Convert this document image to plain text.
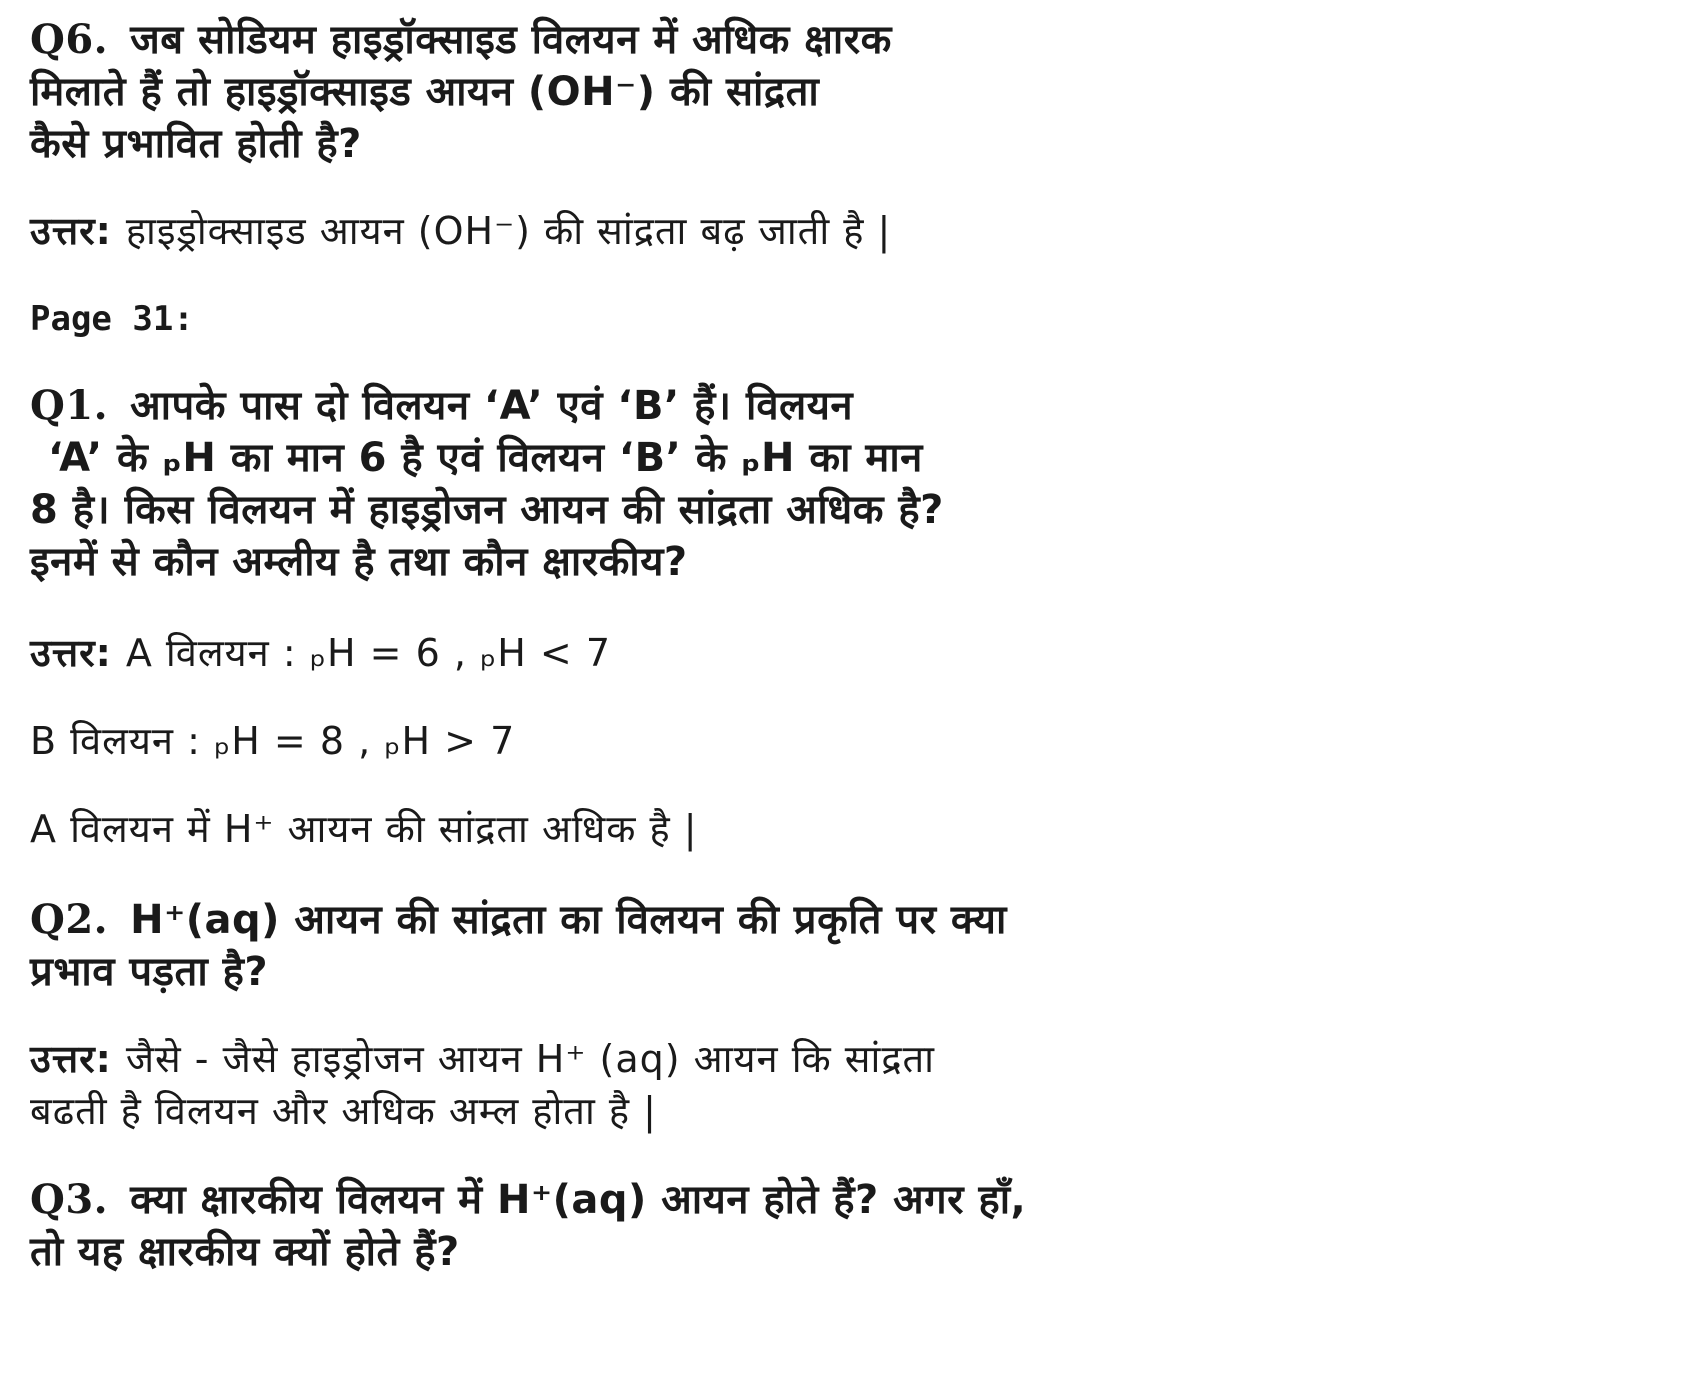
Q6. जब सोडियम हाइड्रॉक्साइड विलयन में अधिक क्षारक
मिलाते हैं तो हाइड्रॉक्साइड आयन (OH⁻) की सांद्रता
कैसे प्रभावित होती है?
उत्तर: हाइड्रोक्साइड आयन (OH⁻) की सांद्रता बढ़ जाती है |
Page 31:
Q1. आपके पास दो विलयन ‘A’ एवं ‘B’ हैं। विलयन
‘A’ के ₚH का मान 6 है एवं विलयन ‘B’ के ₚH का मान
8 है। किस विलयन में हाइड्रोजन आयन की सांद्रता अधिक है?
इनमें से कौन अम्लीय है तथा कौन क्षारकीय?
उत्तर: A विलयन : ₚH = 6 , ₚH < 7
B विलयन : ₚH = 8 , ₚH > 7
A विलयन में H⁺ आयन की सांद्रता अधिक है |
Q2. H⁺(aq) आयन की सांद्रता का विलयन की प्रकृति पर क्या
प्रभाव पड़ता है?
उत्तर: जैसे - जैसे हाइड्रोजन आयन H⁺ (aq) आयन कि सांद्रता
बढती है विलयन और अधिक अम्ल होता है |
Q3. क्या क्षारकीय विलयन में H⁺(aq) आयन होते हैं? अगर हाँ,
तो यह क्षारकीय क्यों होते हैं?
